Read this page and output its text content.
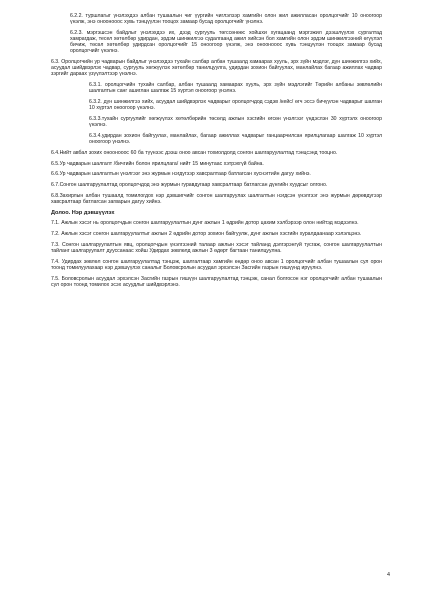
6.2.2. туршлагыг үнэлэхдээ албан тушаалын чиг үүргийн чиглэлээр хамгийн олон жил ажилласан оролцогчийг 10 оноогоор үнэлж, энэ оноонооос хувь тэнцүүлэн тооцох замаар бусад оролцогчийг үнэлнэ.

6.2.3. мэргэшсэн байдлыг үнэлэхдээ их, дээд сургууль төгссөнөөс хойшхи хугацаанд мэргэжил дээшлүүлэх сургалтад хамрагдаж, тесел хөтөлбөр удирдан, эрдэм шинжилгээ судалгаанд ажил хийсэн бол хамгийн олон эрдэм шинжилгээний өгүүлэл бичиж, төсөл хөтөлбөр удирдсан оролцогчийг 15 оноогоор үнэлж, энэ оноонооос хувь тэнцүүлэн тооцох замаар бусад оролцогчийг үнэлнэ.

6.3. Оролцогчийн ур чадварын байдлыг үнэлэхдээ тухайн салбар албан тушаалд хамаарах хууль, эрх зүйн мэдлэг, дүн шинжилгээ хийх, асуудал шийдвэрлэх чадвар, сургууль хөгжүүлэх хөтөлбөр танилцуулга, удирдан зохион байгуулах, манлайлах багаар ажиллах чадвар зэргийг дараах үзүүлэлтээр үнэлнэ.

6.3.1. оролцогчийн тухайн салбар, албан тушаалд хамаарах хууль, эрх зүйн мэдлэгийг Төрийн албаны зөвлөлийн шалгалтын санг ашиглан шалгаж 15 хүртэл оноогоор үнэлнэ.

6.3.2. дүн шинжилгээ хийх, асуудал шийдвэрлэх чадварыг оролцогчдод сэдэв /кейс/ өгч эссэ бичүүлэн чадварыг шалган 10 хүртэл оноогоор үнэлнэ.

6.3.3.тухайн сургуулийг хөгжүүлэх хөтөлбөрийн төсөлд ажлын хэсгийн өгсөн үнэлгээг үндэслэн 30 хүртэлх оноогоор үнэлнэ.

6.3.4.удирдан зохион байгуулах, манлайлах, багаар ажиллах чадварыг ганцаарчилсан ярилцлагаар шалгаж 10 хүртэл оноогоор үнэлнэ.

6.4.Нийт авбал зохих оноонооос 60 ба түүнээс дээш оноо авсан тохиолдолд сонгон шалгаруулалтад тэнцсэнд тооцно.

6.5.Ур чадварын шалгалт /бичгийн болон ярилцлага/ нийт 15 минутаас хэтрэхгүй байна.

6.6.Ур чадварын шалгалтын үнэлгээг энэ журмын нэгдүгээр хавсралтаар батлагсан хуснэгтийн дагуу хийнэ.

6.7.Сонгон шалгаруулалтад оролцогчдод энэ журмын гуравдугаар хавсралтаар батлагсан дүнгийн хуудсыг олгоно.

6.8.Захирлын албан тушаалд томилогдох нэр дэвшигчийг сонгон шалгаруулах шалгалтын нэгдсэн үнэлгээг энэ журмын дөрөвдүгээр хавсралтаар батлагсан загварын дагуу хийнэ.

Долоо. Нэр дэвшүүлэх

7.1. Ажлын хэсэг нь оролцогчдын сонгон шалгаруулалтын дүнг ажлын 1 өдрийн дотор цахим хэлбэрээр олон нийтэд мэдээлнэ.

7.2. Ажлын хэсэг сонгон шалгаруулалтыг ажлын 2 өдрийн дотор зохион байгуулж, дүнг ажлын хэсгийн хуралдаанаар хэлэлцэнэ.

7.3. Сонгон шалгаруулалтын явц, оролцогчдын үнэлгээний талаар ажлын хэсэг тайланд дэлгэрэнгүй тусгаж, сонгон шалгаруулалтын тайланг шалгаруулалт дууссанаас хойш Удирдах зөвлөлд ажлын 3 өдөрт багтаан танилцуулна.

7.4. Удирдах зөвлөл сонгон шалгаруулалтад тэнцэж, шалгалтаар хамгийн өндөр оноо авсан 1 оролцогчийг албан тушаалын сул орон тоонд томилуулахаар нэр дэвшүүлэх саналыг Боловсролын асуудал эрхэлсэн Засгийн газрын гишүүнд ирүүлнэ.

7.5. Боловсролын асуудал эрхэлсэн Засгийн газрын гишүүн шалгаруулалтад тэнцэж, санал болгосон нэг оролцогчийг албан тушаалын сул орон тоонд томилох эсэх асуудлыг шийдвэрлэнэ.

4
